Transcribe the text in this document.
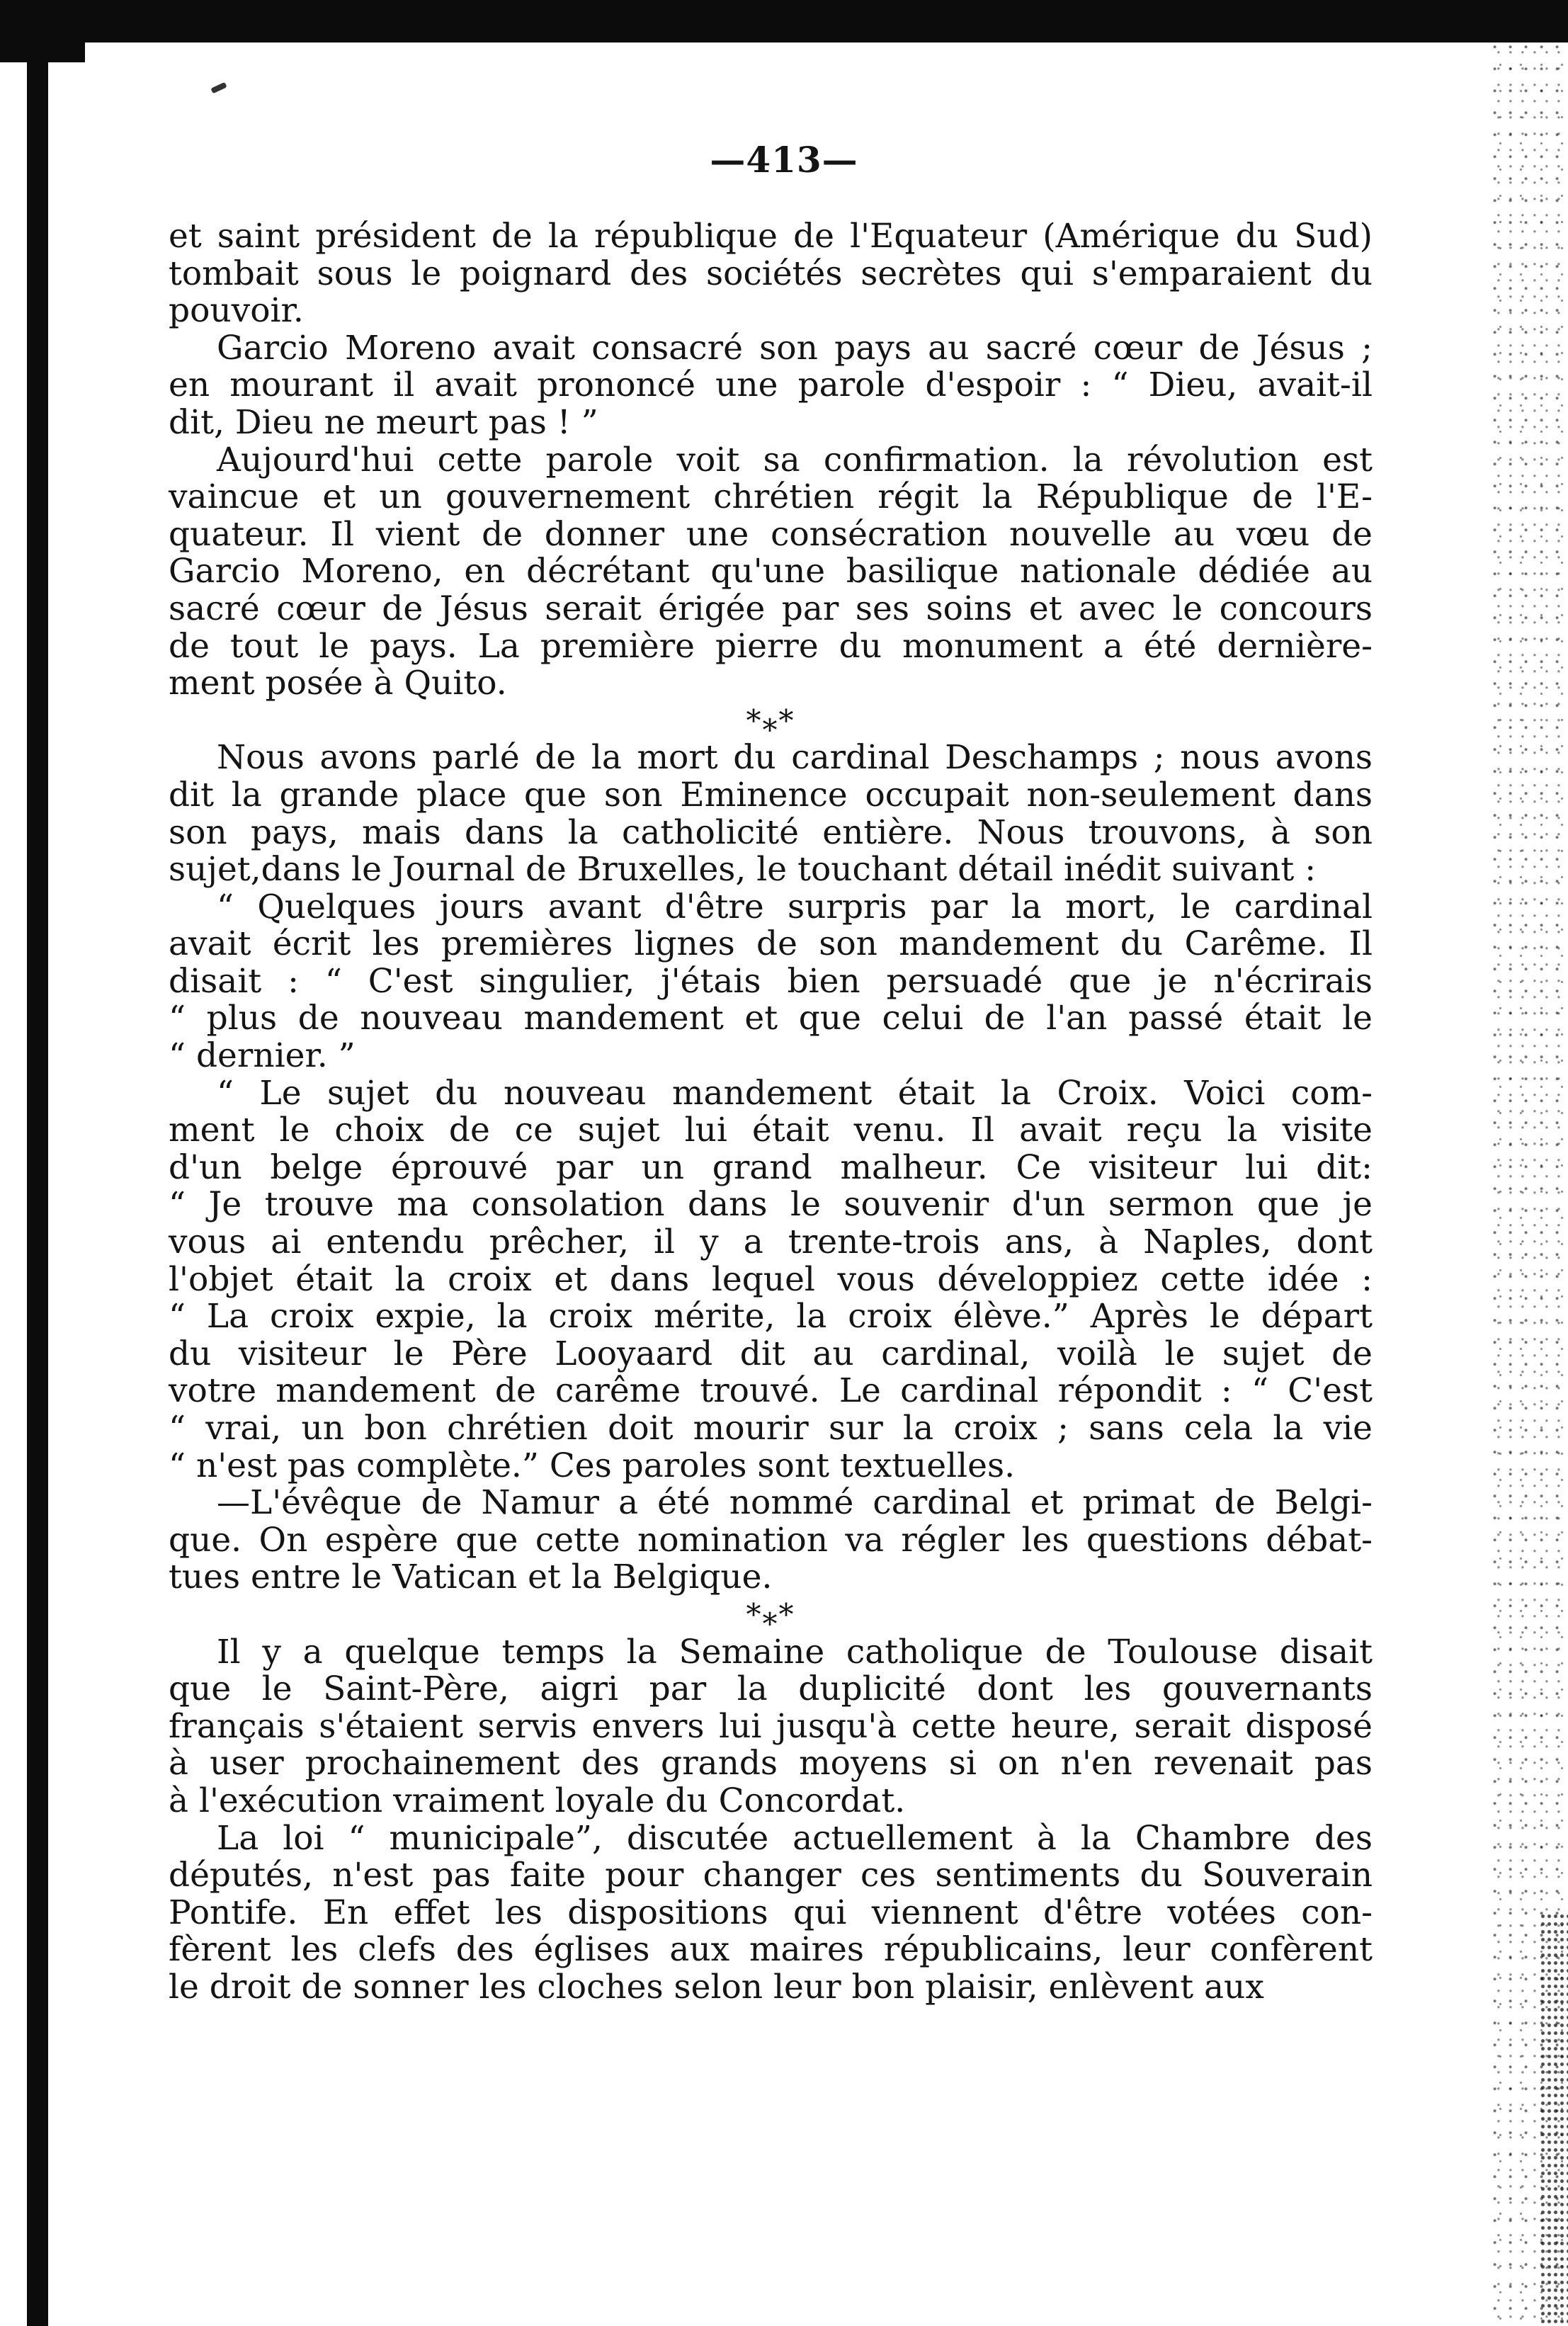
—413—
et saint président de la république de l'Equateur (Amérique du Sud)
tombait sous le poignard des sociétés secrètes qui s'emparaient du
pouvoir.
Garcio Moreno avait consacré son pays au sacré cœur de Jésus ;
en mourant il avait prononcé une parole d'espoir : “ Dieu, avait-il
dit, Dieu ne meurt pas ! ”
Aujourd'hui cette parole voit sa confirmation. la révolution est
vaincue et un gouvernement chrétien régit la République de l'E-
quateur. Il vient de donner une consécration nouvelle au vœu de
Garcio Moreno, en décrétant qu'une basilique nationale dédiée au
sacré cœur de Jésus serait érigée par ses soins et avec le concours
de tout le pays. La première pierre du monument a été dernière-
ment posée à Quito.
*⁎*
Nous avons parlé de la mort du cardinal Deschamps ; nous avons
dit la grande place que son Eminence occupait non-seulement dans
son pays, mais dans la catholicité entière. Nous trouvons, à son
sujet,dans le Journal de Bruxelles, le touchant détail inédit suivant :
“ Quelques jours avant d'être surpris par la mort, le cardinal
avait écrit les premières lignes de son mandement du Carême. Il
disait : “ C'est singulier, j'étais bien persuadé que je n'écrirais
“ plus de nouveau mandement et que celui de l'an passé était le
“ dernier. ”
“ Le sujet du nouveau mandement était la Croix. Voici com-
ment le choix de ce sujet lui était venu. Il avait reçu la visite
d'un belge éprouvé par un grand malheur. Ce visiteur lui dit:
“ Je trouve ma consolation dans le souvenir d'un sermon que je
vous ai entendu prêcher, il y a trente-trois ans, à Naples, dont
l'objet était la croix et dans lequel vous développiez cette idée :
“ La croix expie, la croix mérite, la croix élève.” Après le départ
du visiteur le Père Looyaard dit au cardinal, voilà le sujet de
votre mandement de carême trouvé. Le cardinal répondit : “ C'est
“ vrai, un bon chrétien doit mourir sur la croix ; sans cela la vie
“ n'est pas complète.” Ces paroles sont textuelles.
—L'évêque de Namur a été nommé cardinal et primat de Belgi-
que. On espère que cette nomination va régler les questions débat-
tues entre le Vatican et la Belgique.
*⁎*
Il y a quelque temps la Semaine catholique de Toulouse disait
que le Saint-Père, aigri par la duplicité dont les gouvernants
français s'étaient servis envers lui jusqu'à cette heure, serait disposé
à user prochainement des grands moyens si on n'en revenait pas
à l'exécution vraiment loyale du Concordat.
La loi “ municipale”, discutée actuellement à la Chambre des
députés, n'est pas faite pour changer ces sentiments du Souverain
Pontife. En effet les dispositions qui viennent d'être votées con-
fèrent les clefs des églises aux maires républicains, leur confèrent
le droit de sonner les cloches selon leur bon plaisir, enlèvent aux
